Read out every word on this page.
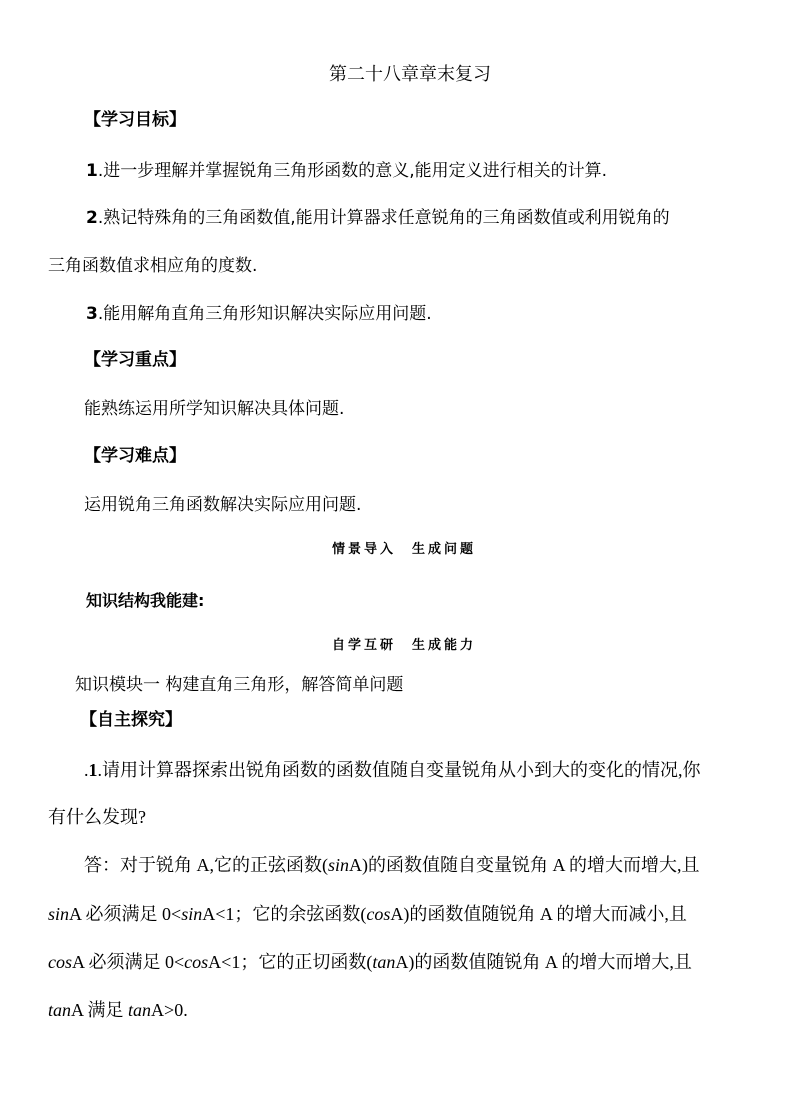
第二十八章章末复习
【学习目标】
1.进一步理解并掌握锐角三角形函数的意义,能用定义进行相关的计算.
2.熟记特殊角的三角函数值,能用计算器求任意锐角的三角函数值或利用锐角的
三角函数值求相应角的度数.
3.能用解角直角三角形知识解决实际应用问题.
【学习重点】
能熟练运用所学知识解决具体问题.
【学习难点】
运用锐角三角函数解决实际应用问题.
情景导入　生成问题
知识结构我能建:
自学互研　生成能力
知识模块一 构建直角三角形，解答简单问题
【自主探究】
.1.请用计算器探索出锐角函数的函数值随自变量锐角从小到大的变化的情况,你
有什么发现?
答：对于锐角 A,它的正弦函数(sinA)的函数值随自变量锐角 A 的增大而增大,且
sinA 必须满足 0<sinA<1；它的余弦函数(cosA)的函数值随锐角 A 的增大而减小,且
cosA 必须满足 0<cosA<1；它的正切函数(tanA)的函数值随锐角 A 的增大而增大,且
tanA 满足 tanA>0.
